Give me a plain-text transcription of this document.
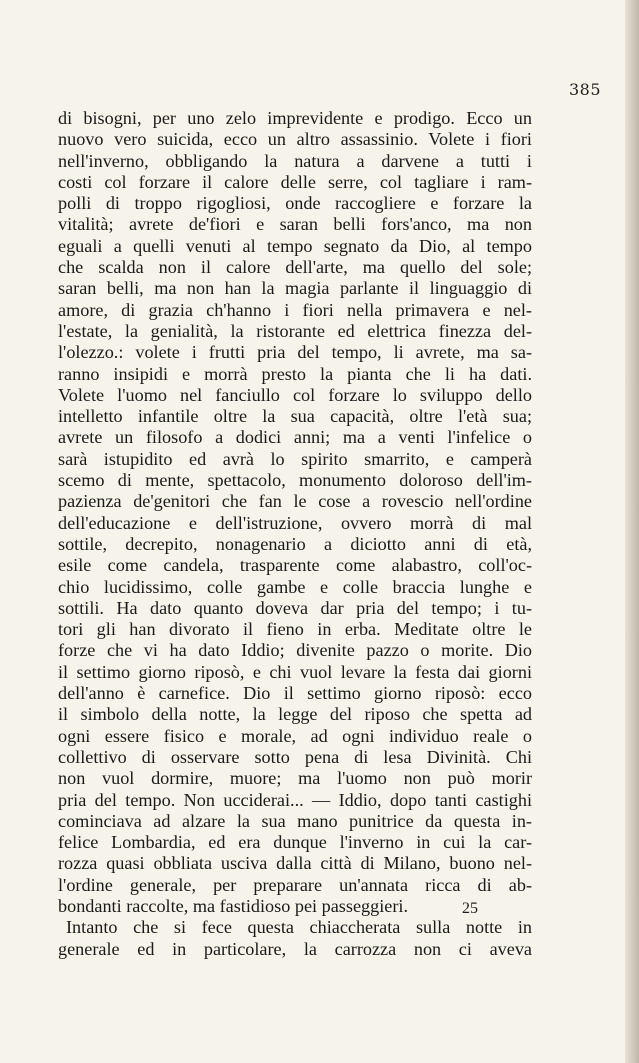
385
di bisogni, per uno zelo imprevidente e prodigo. Ecco un
nuovo vero suicida, ecco un altro assassinio. Volete i fiori
nell'inverno, obbligando la natura a darvene a tutti i
costi col forzare il calore delle serre, col tagliare i ram-
polli di troppo rigogliosi, onde raccogliere e forzare la
vitalità; avrete de'fiori e saran belli fors'anco, ma non
eguali a quelli venuti al tempo segnato da Dio, al tempo
che scalda non il calore dell'arte, ma quello del sole;
saran belli, ma non han la magia parlante il linguaggio di
amore, di grazia ch'hanno i fiori nella primavera e nel-
l'estate, la genialità, la ristorante ed elettrica finezza del-
l'olezzo.: volete i frutti pria del tempo, li avrete, ma sa-
ranno insipidi e morrà presto la pianta che li ha dati.
Volete l'uomo nel fanciullo col forzare lo sviluppo dello
intelletto infantile oltre la sua capacità, oltre l'età sua;
avrete un filosofo a dodici anni; ma a venti l'infelice o
sarà istupidito ed avrà lo spirito smarrito, e camperà
scemo di mente, spettacolo, monumento doloroso dell'im-
pazienza de'genitori che fan le cose a rovescio nell'ordine
dell'educazione e dell'istruzione, ovvero morrà di mal
sottile, decrepito, nonagenario a diciotto anni di età,
esile come candela, trasparente come alabastro, coll'oc-
chio lucidissimo, colle gambe e colle braccia lunghe e
sottili. Ha dato quanto doveva dar pria del tempo; i tu-
tori gli han divorato il fieno in erba. Meditate oltre le
forze che vi ha dato Iddio; divenite pazzo o morite. Dio
il settimo giorno riposò, e chi vuol levare la festa dai giorni
dell'anno è carnefice. Dio il settimo giorno riposò: ecco
il simbolo della notte, la legge del riposo che spetta ad
ogni essere fisico e morale, ad ogni individuo reale o
collettivo di osservare sotto pena di lesa Divinità. Chi
non vuol dormire, muore; ma l'uomo non può morir
pria del tempo. Non ucciderai... — Iddio, dopo tanti castighi
cominciava ad alzare la sua mano punitrice da questa in-
felice Lombardia, ed era dunque l'inverno in cui la car-
rozza quasi obbliata usciva dalla città di Milano, buono nel-
l'ordine generale, per preparare un'annata ricca di ab-
bondanti raccolte, ma fastidioso pei passeggieri.
Intanto che si fece questa chiaccherata sulla notte in
generale ed in particolare, la carrozza non ci aveva
25
